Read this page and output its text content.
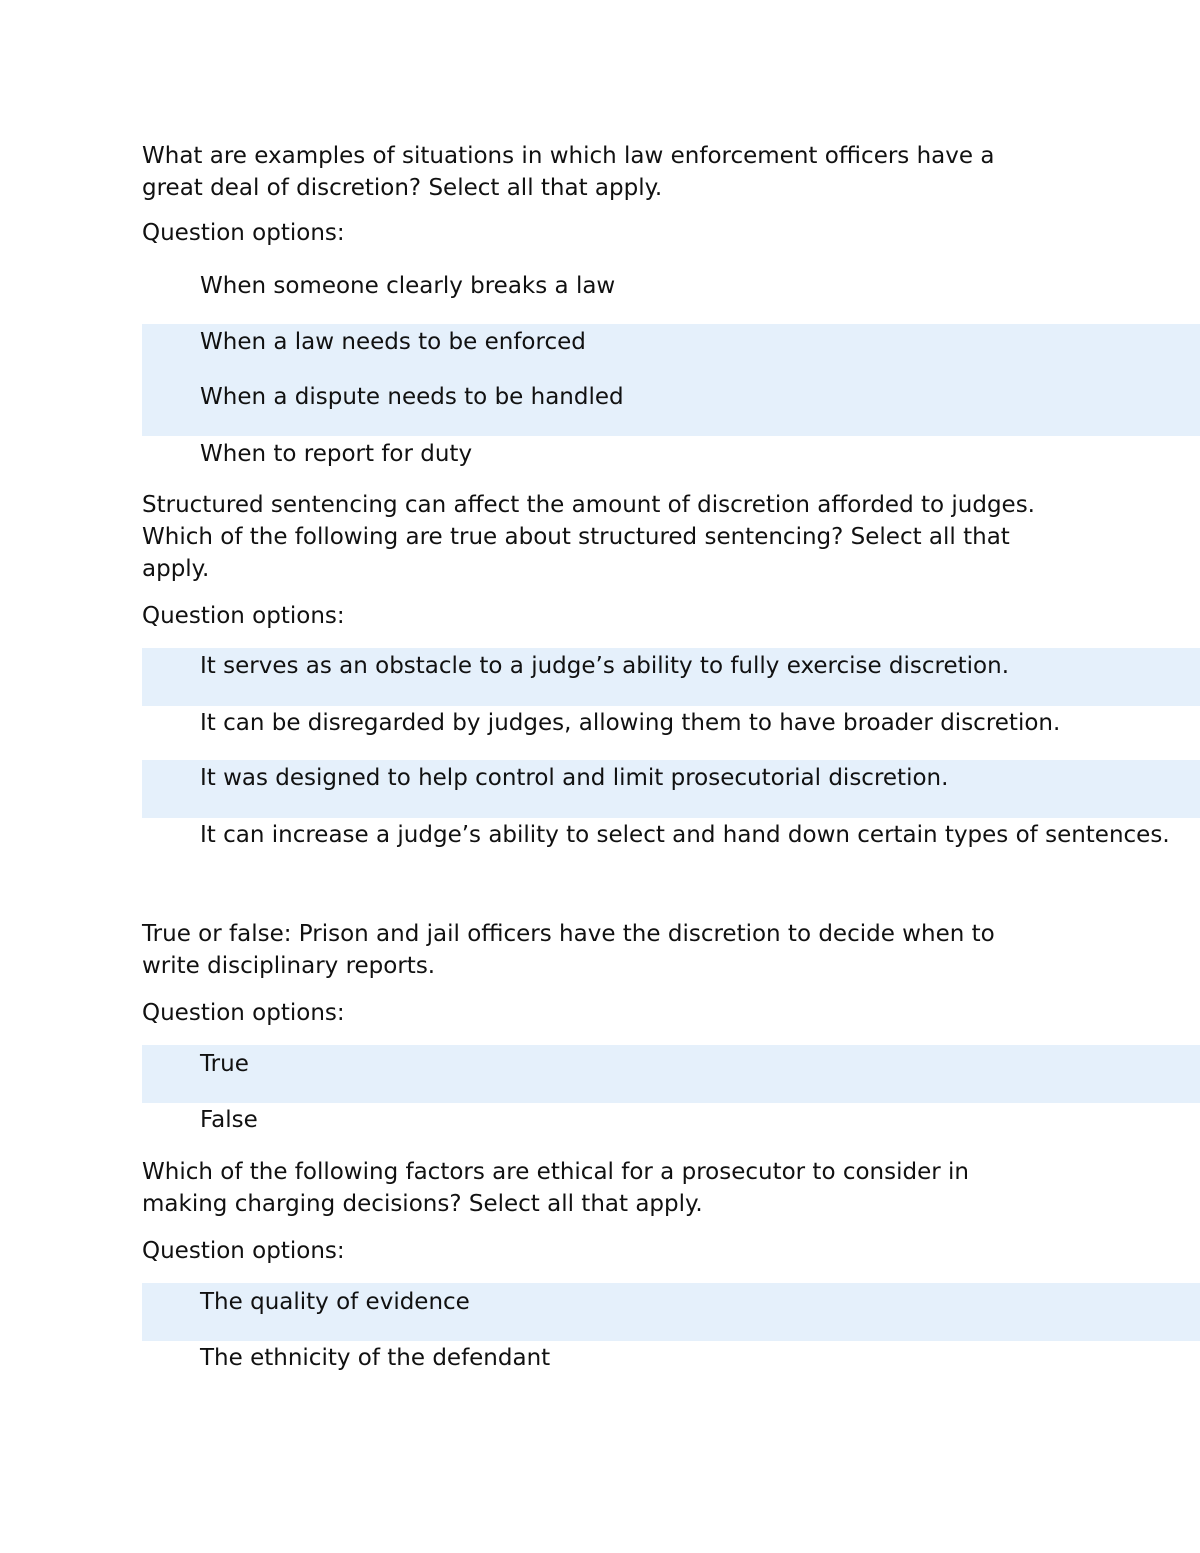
What are examples of situations in which law enforcement officers have a great deal of discretion? Select all that apply.

Question options:

When someone clearly breaks a law
When a law needs to be enforced
When a dispute needs to be handled
When to report for duty

Structured sentencing can affect the amount of discretion afforded to judges. Which of the following are true about structured sentencing? Select all that apply.

Question options:

It serves as an obstacle to a judge’s ability to fully exercise discretion.
It can be disregarded by judges, allowing them to have broader discretion.
It was designed to help control and limit prosecutorial discretion.
It can increase a judge’s ability to select and hand down certain types of sentences.

True or false: Prison and jail officers have the discretion to decide when to write disciplinary reports.

Question options:

True
False

Which of the following factors are ethical for a prosecutor to consider in making charging decisions? Select all that apply.

Question options:

The quality of evidence
The ethnicity of the defendant
